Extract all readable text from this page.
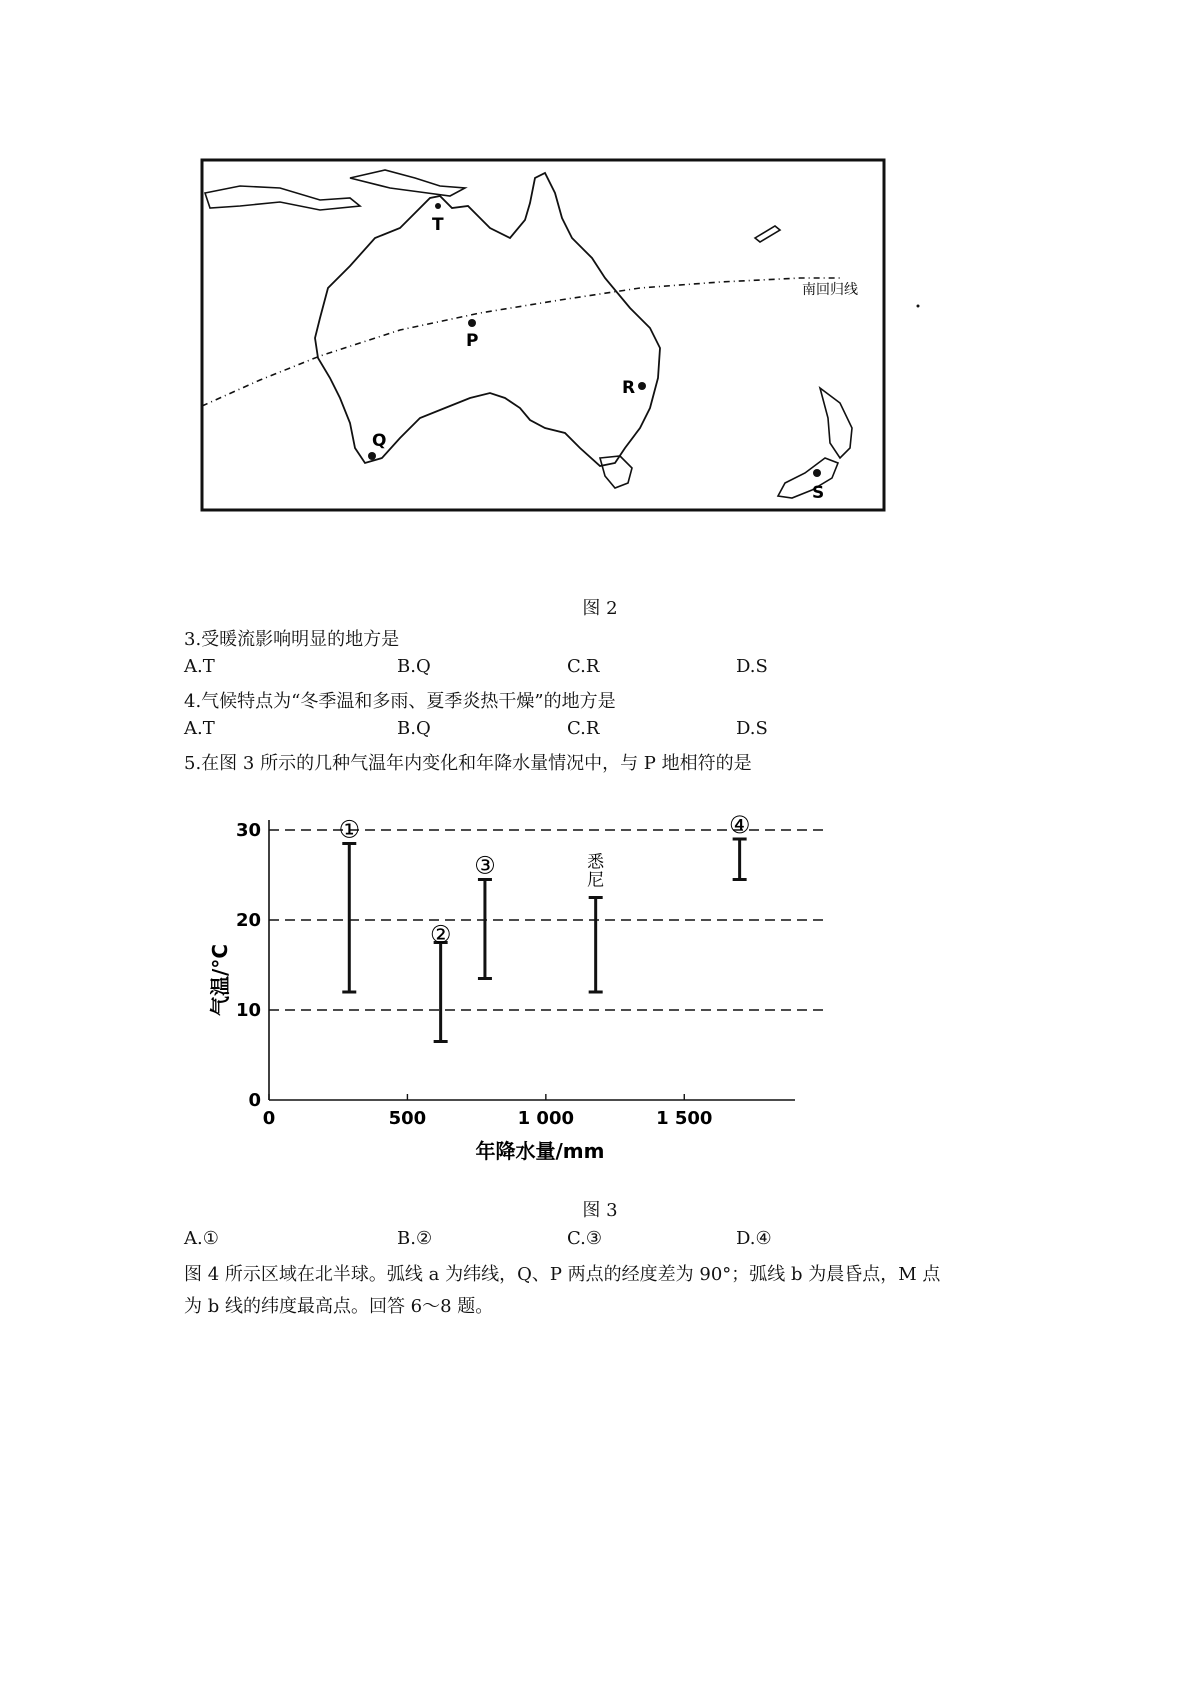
南回归线
P
T
R
Q
S
图 2
3.受暖流影响明显的地方是
A.T	B.Q	C.R	D.S
4.气候特点为“冬季温和多雨、夏季炎热干燥”的地方是
A.T	B.Q	C.R	D.S
5.在图 3 所示的几种气温年内变化和年降水量情况中，与 P 地相符的是
0
10
20
30
0	500	1 000	1 500
①
②
③	悉
尼
④
年降水量/mm
气温/°C
图 3
A.①	B.②	C.③	D.④
图 4 所示区域在北半球。弧线 a 为纬线，Q、P 两点的经度差为 90°；弧线 b 为晨昏点，M 点
为 b 线的纬度最高点。回答 6～8 题。
